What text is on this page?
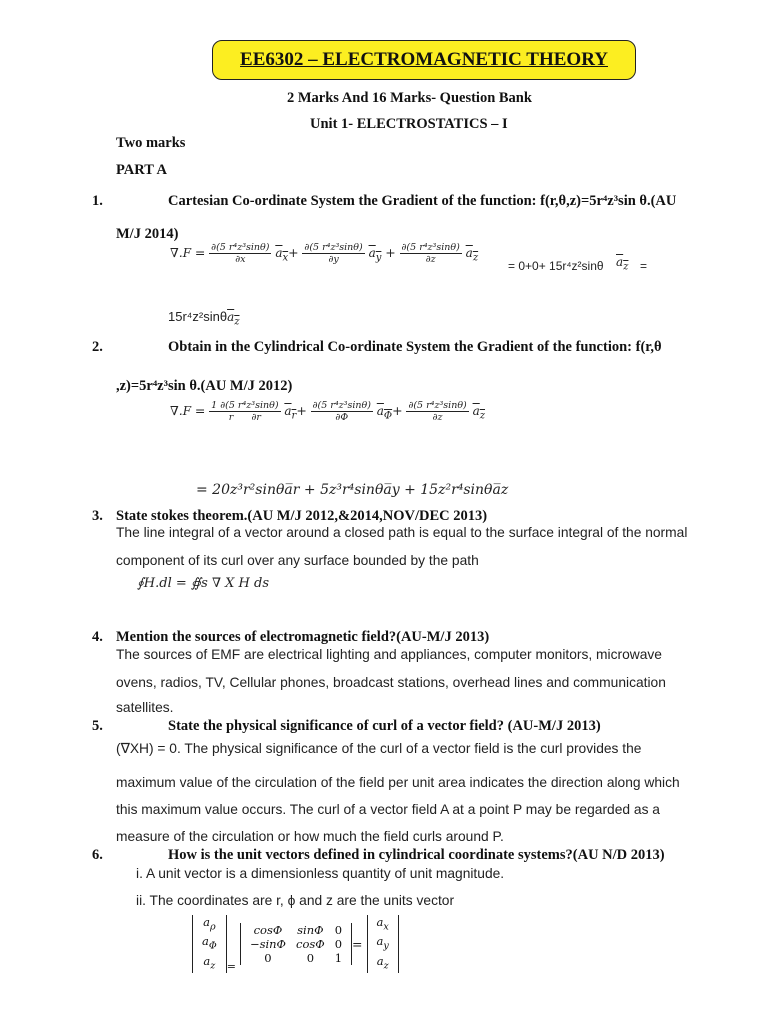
EE6302 – ELECTROMAGNETIC THEORY
2 Marks And 16 Marks- Question Bank
Unit 1- ELECTROSTATICS – I
Two marks
PART A
1.	Cartesian Co-ordinate System the Gradient of the function: f(r,θ,z)=5r⁴z³sin θ.(AU
M/J 2014)
$\nabla.F = \frac{\text{∂(5 r⁴z³sinθ)}}{\partial x} a_x+ \frac{\text{∂(5 r⁴z³sinθ)}}{\partial y} a_y + \frac{\text{∂(5 r⁴z³sinθ)}}{\partial z} a_z$
= 0+0+ 15r⁴z²sinθ $a_z$ =
15r⁴z²sinθa$_z$
2.	Obtain in the Cylindrical Co-ordinate System the Gradient of the function: f(r,θ
,z)=5r⁴z³sin θ.(AU M/J 2012)
$\nabla.F = \frac{\text{1 ∂(5 r⁴z³sinθ)}}{r \partial r} a_r+ \frac{\text{∂(5 r⁴z³sinθ)}}{\partial\Phi} a_\Phi+ \frac{\text{∂(5 r⁴z³sinθ)}}{\partial z} a_z$
= 20z³r²sinθa̅r + 5z³r⁴sinθa̅y + 15z²r⁴sinθa̅z
3. State stokes theorem.(AU M/J 2012,&2014,NOV/DEC 2013)
The line integral of a vector around a closed path is equal to the surface integral of the normal
component of its curl over any surface bounded by the path
∮H.dl = ∯s ∇ X H ds
4. Mention the sources of electromagnetic field?(AU-M/J 2013)
The sources of EMF are electrical lighting and appliances, computer monitors, microwave
ovens, radios, TV, Cellular phones, broadcast stations, overhead lines and communication
satellites.
5.	State the physical significance of curl of a vector field? (AU-M/J 2013)
(∇XH) = 0. The physical significance of the curl of a vector field is the curl provides the
maximum value of the circulation of the field per unit area indicates the direction along which
this maximum value occurs. The curl of a vector field A at a point P may be regarded as a
measure of the circulation or how much the field curls around P.
6.	How is the unit vectors defined in cylindrical coordinate systems?(AU N/D 2013)
i. A unit vector is a dimensionless quantity of unit magnitude.
ii. The coordinates are r, ϕ and z are the units vector
$a_\rho$
$a_\Phi$
$a_z$ =
cosΦ	sinΦ	0
−sinΦ	cosΦ	0
0	0	1
=
$a_x$
$a_y$
$a_z$
